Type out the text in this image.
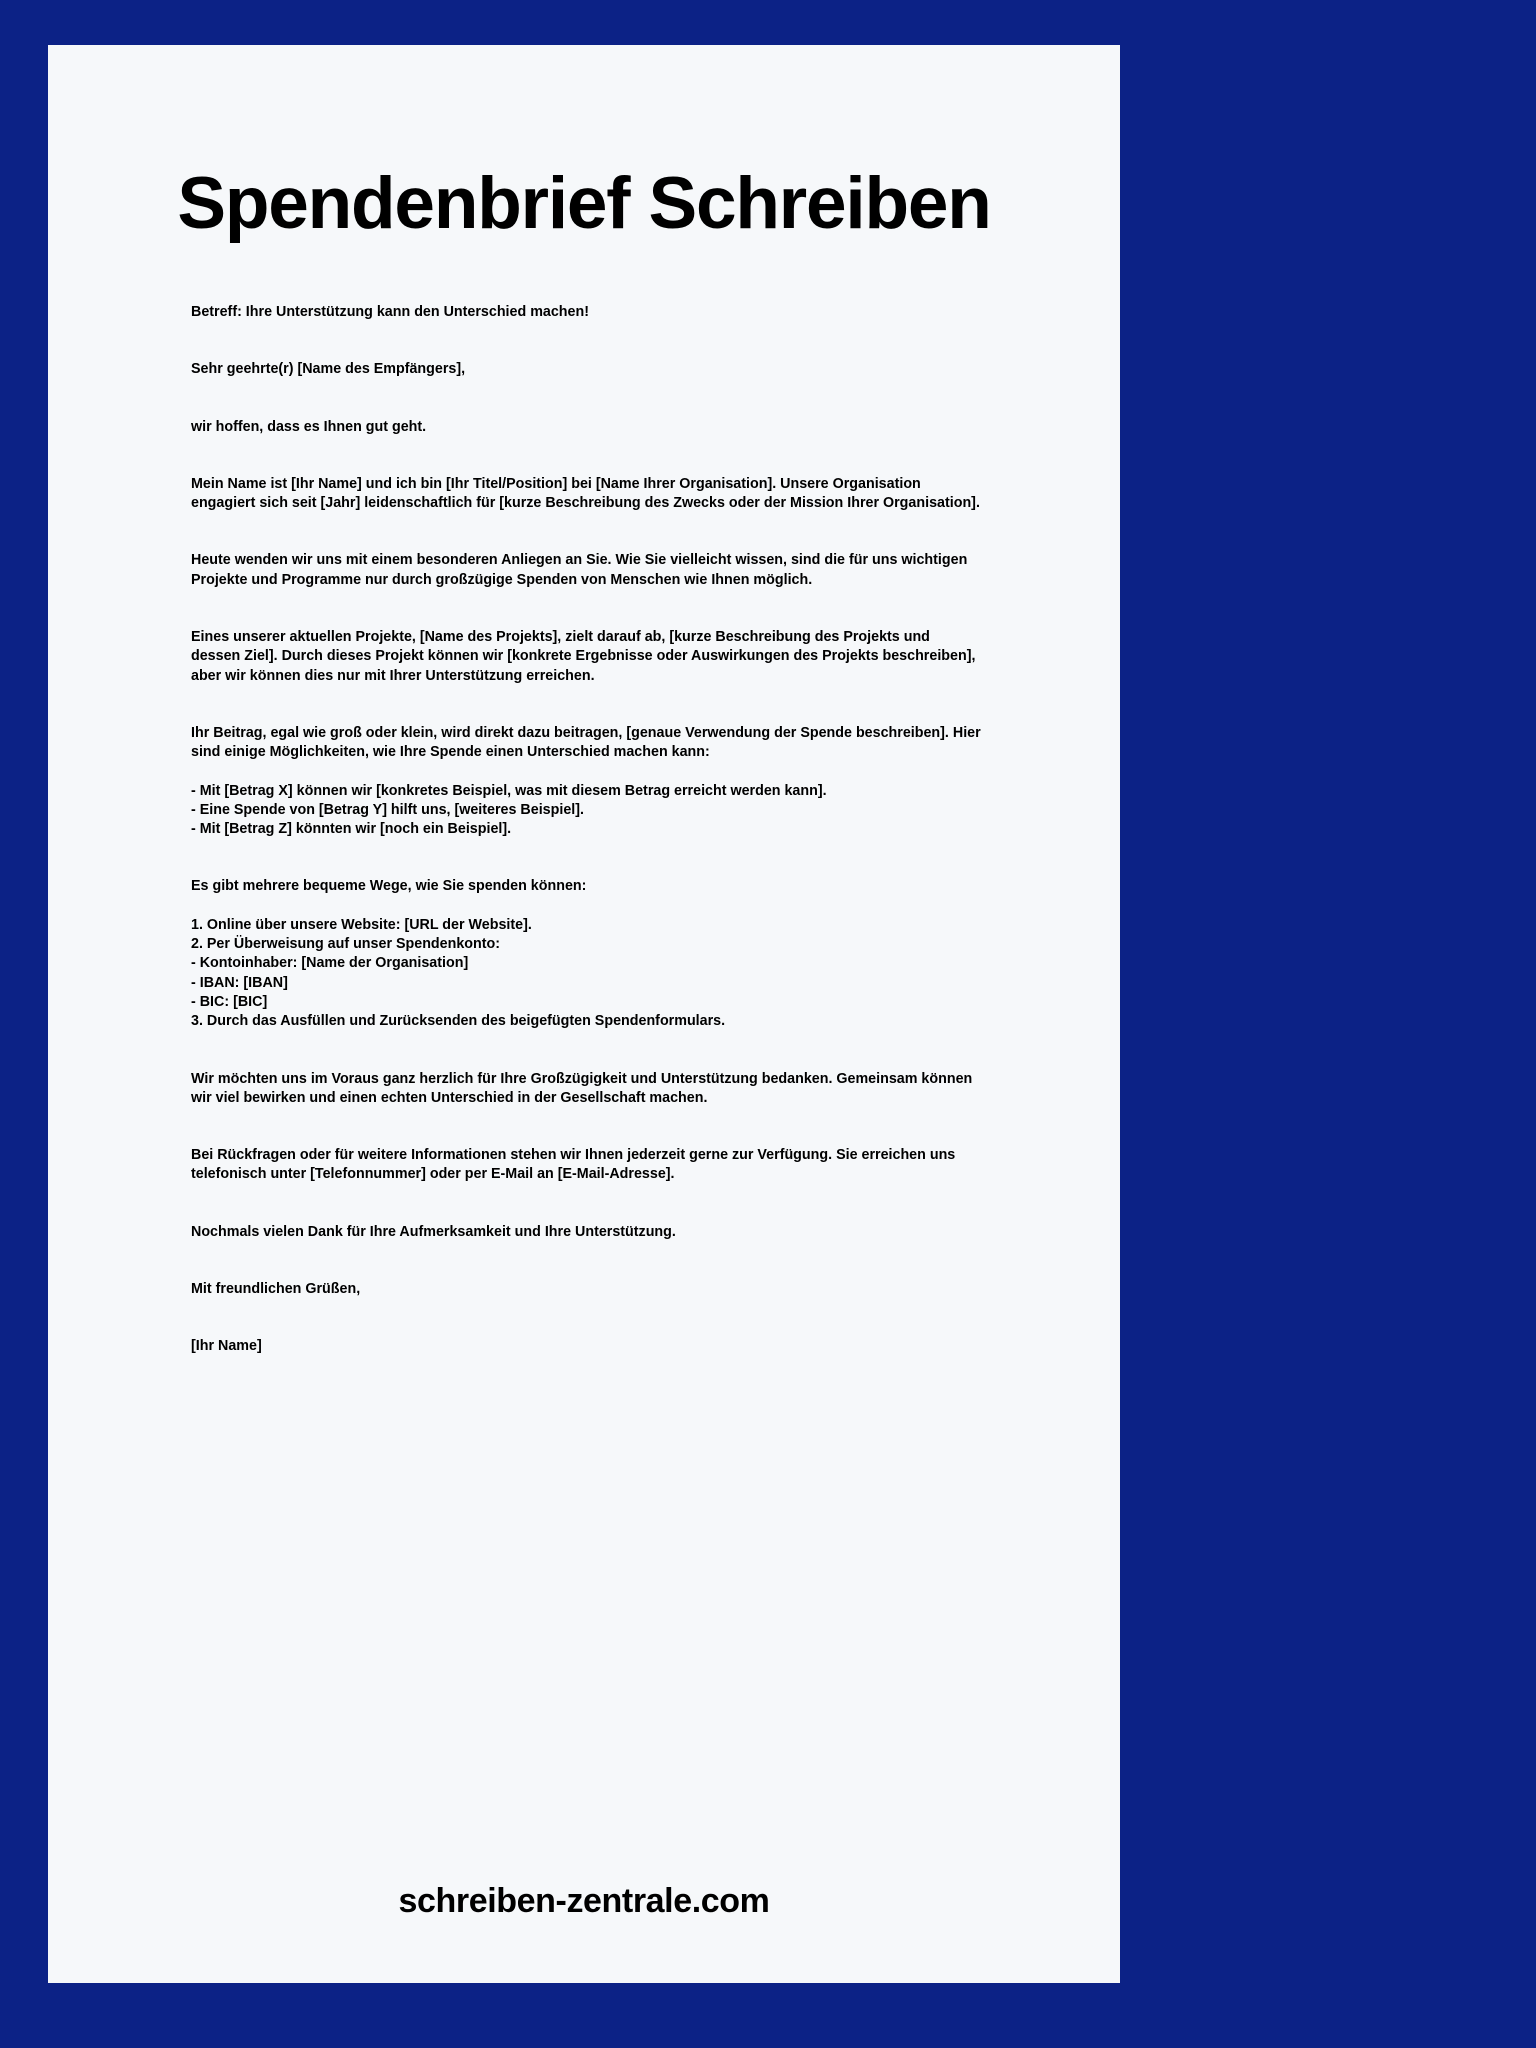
Spendenbrief Schreiben

Betreff: Ihre Unterstützung kann den Unterschied machen!

Sehr geehrte(r) [Name des Empfängers],

wir hoffen, dass es Ihnen gut geht.

Mein Name ist [Ihr Name] und ich bin [Ihr Titel/Position] bei [Name Ihrer Organisation]. Unsere Organisation engagiert sich seit [Jahr] leidenschaftlich für [kurze Beschreibung des Zwecks oder der Mission Ihrer Organisation].

Heute wenden wir uns mit einem besonderen Anliegen an Sie. Wie Sie vielleicht wissen, sind die für uns wichtigen Projekte und Programme nur durch großzügige Spenden von Menschen wie Ihnen möglich.

Eines unserer aktuellen Projekte, [Name des Projekts], zielt darauf ab, [kurze Beschreibung des Projekts und dessen Ziel]. Durch dieses Projekt können wir [konkrete Ergebnisse oder Auswirkungen des Projekts beschreiben], aber wir können dies nur mit Ihrer Unterstützung erreichen.

Ihr Beitrag, egal wie groß oder klein, wird direkt dazu beitragen, [genaue Verwendung der Spende beschreiben]. Hier sind einige Möglichkeiten, wie Ihre Spende einen Unterschied machen kann:

- Mit [Betrag X] können wir [konkretes Beispiel, was mit diesem Betrag erreicht werden kann].
- Eine Spende von [Betrag Y] hilft uns, [weiteres Beispiel].
- Mit [Betrag Z] könnten wir [noch ein Beispiel].

Es gibt mehrere bequeme Wege, wie Sie spenden können:

1. Online über unsere Website: [URL der Website].
2. Per Überweisung auf unser Spendenkonto:
- Kontoinhaber: [Name der Organisation]
- IBAN: [IBAN]
- BIC: [BIC]
3. Durch das Ausfüllen und Zurücksenden des beigefügten Spendenformulars.

Wir möchten uns im Voraus ganz herzlich für Ihre Großzügigkeit und Unterstützung bedanken. Gemeinsam können wir viel bewirken und einen echten Unterschied in der Gesellschaft machen.

Bei Rückfragen oder für weitere Informationen stehen wir Ihnen jederzeit gerne zur Verfügung. Sie erreichen uns telefonisch unter [Telefonnummer] oder per E-Mail an [E-Mail-Adresse].

Nochmals vielen Dank für Ihre Aufmerksamkeit und Ihre Unterstützung.

Mit freundlichen Grüßen,

[Ihr Name]

schreiben-zentrale.com
